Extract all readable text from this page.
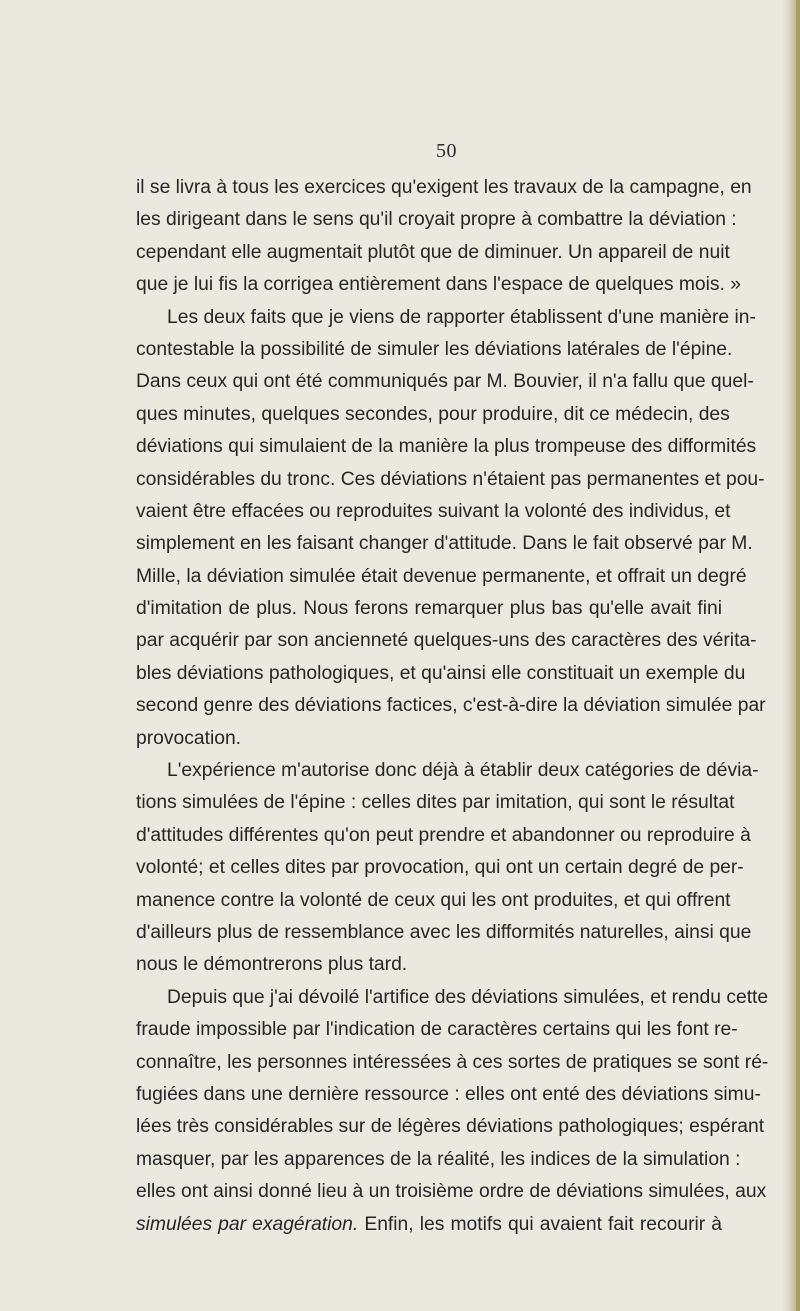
50
il se livra à tous les exercices qu'exigent les travaux de la campagne, en
les dirigeant dans le sens qu'il croyait propre à combattre la déviation :
cependant elle augmentait plutôt que de diminuer. Un appareil de nuit
que je lui fis la corrigea entièrement dans l'espace de quelques mois. »
Les deux faits que je viens de rapporter établissent d'une manière in-
contestable la possibilité de simuler les déviations latérales de l'épine.
Dans ceux qui ont été communiqués par M. Bouvier, il n'a fallu que quel-
ques minutes, quelques secondes, pour produire, dit ce médecin, des
déviations qui simulaient de la manière la plus trompeuse des difformités
considérables du tronc. Ces déviations n'étaient pas permanentes et pou-
vaient être effacées ou reproduites suivant la volonté des individus, et
simplement en les faisant changer d'attitude. Dans le fait observé par M.
Mille, la déviation simulée était devenue permanente, et offrait un degré
d'imitation de plus. Nous ferons remarquer plus bas qu'elle avait fini
par acquérir par son ancienneté quelques-uns des caractères des vérita-
bles déviations pathologiques, et qu'ainsi elle constituait un exemple du
second genre des déviations factices, c'est-à-dire la déviation simulée par
provocation.
L'expérience m'autorise donc déjà à établir deux catégories de dévia-
tions simulées de l'épine : celles dites par imitation, qui sont le résultat
d'attitudes différentes qu'on peut prendre et abandonner ou reproduire à
volonté; et celles dites par provocation, qui ont un certain degré de per-
manence contre la volonté de ceux qui les ont produites, et qui offrent
d'ailleurs plus de ressemblance avec les difformités naturelles, ainsi que
nous le démontrerons plus tard.
Depuis que j'ai dévoilé l'artifice des déviations simulées, et rendu cette
fraude impossible par l'indication de caractères certains qui les font re-
connaître, les personnes intéressées à ces sortes de pratiques se sont ré-
fugiées dans une dernière ressource : elles ont enté des déviations simu-
lées très considérables sur de légères déviations pathologiques; espérant
masquer, par les apparences de la réalité, les indices de la simulation :
elles ont ainsi donné lieu à un troisième ordre de déviations simulées, aux
simulées par exagération. Enfin, les motifs qui avaient fait recourir à
